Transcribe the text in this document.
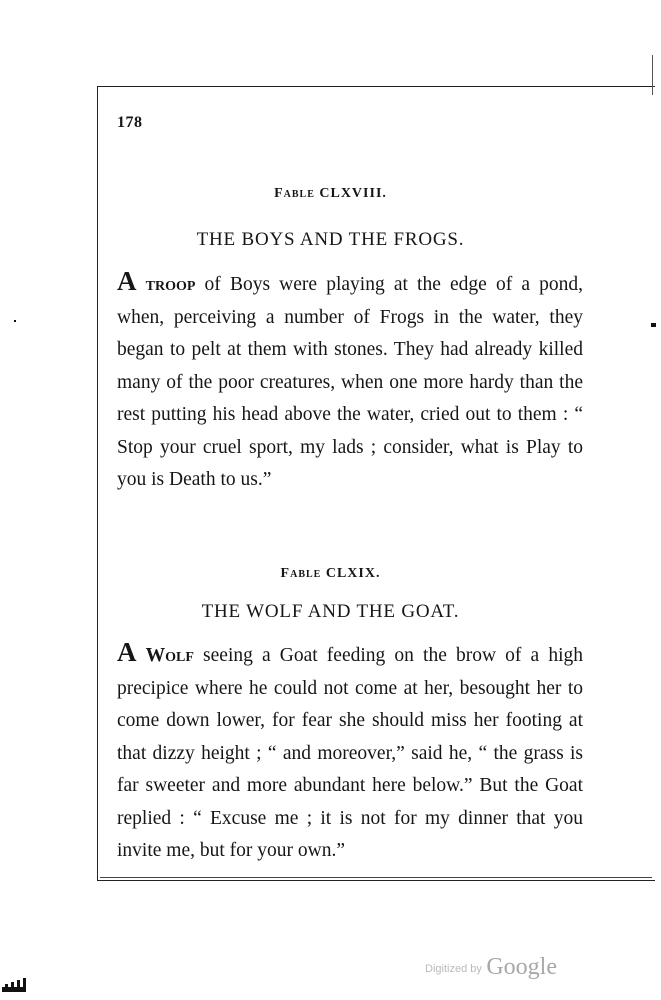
178
Fable CLXVIII.
THE BOYS AND THE FROGS.

A troop of Boys were playing at the edge of a pond, when, perceiving a number of Frogs in the water, they began to pelt at them with stones. They had already killed many of the poor creatures, when one more hardy than the rest putting his head above the water, cried out to them : “ Stop your cruel sport, my lads ; consider, what is Play to you is Death to us.”

Fable CLXIX.
THE WOLF AND THE GOAT.

A Wolf seeing a Goat feeding on the brow of a high precipice where he could not come at her, besought her to come down lower, for fear she should miss her footing at that dizzy height ; “ and moreover,” said he, “ the grass is far sweeter and more abundant here below.” But the Goat replied : “ Excuse me ; it is not for my dinner that you invite me, but for your own.”

Digitized by Google
